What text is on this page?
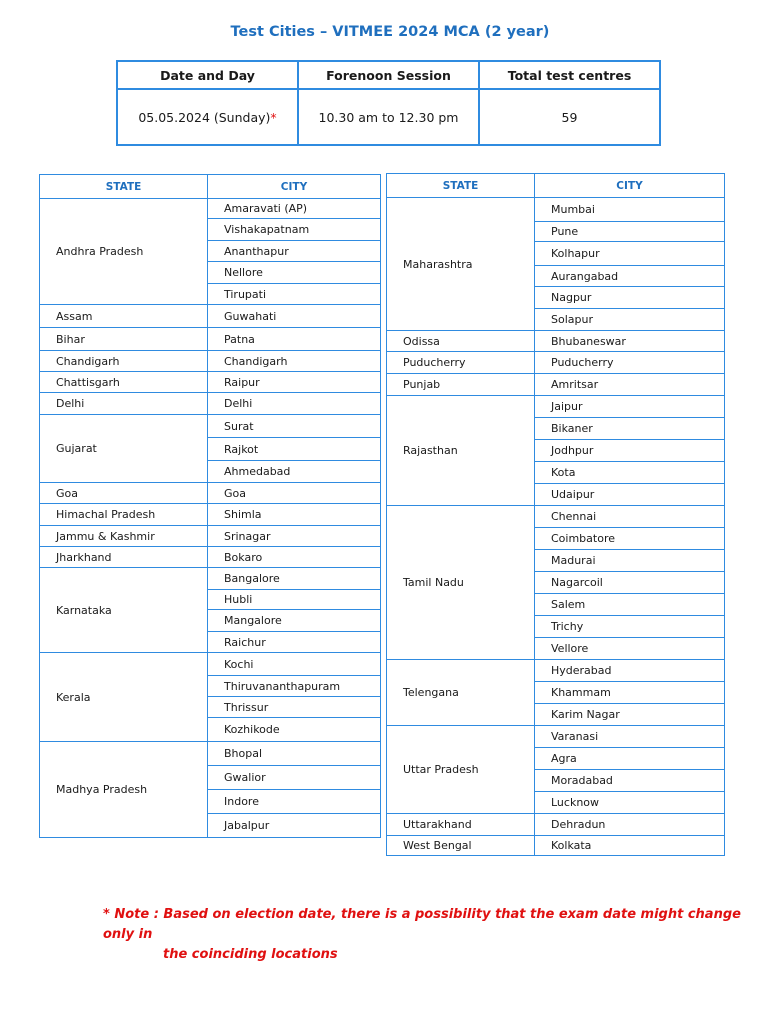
Test Cities – VITMEE 2024 MCA (2 year)
Date and Day	Forenoon Session	Total test centres
05.05.2024 (Sunday)*	10.30 am to 12.30 pm	59
STATE	CITY
Andhra Pradesh	Amaravati (AP)
	Vishakapatnam
	Ananthapur
	Nellore
	Tirupati
Assam	Guwahati
Bihar	Patna
Chandigarh	Chandigarh
Chattisgarh	Raipur
Delhi	Delhi
Gujarat	Surat
	Rajkot
	Ahmedabad
Goa	Goa
Himachal Pradesh	Shimla
Jammu & Kashmir	Srinagar
Jharkhand	Bokaro
Karnataka	Bangalore
	Hubli
	Mangalore
	Raichur
Kerala	Kochi
	Thiruvananthapuram
	Thrissur
	Kozhikode
Madhya Pradesh	Bhopal
	Gwalior
	Indore
	Jabalpur
STATE	CITY
Maharashtra	Mumbai
	Pune
	Kolhapur
	Aurangabad
	Nagpur
	Solapur
Odissa	Bhubaneswar
Puducherry	Puducherry
Punjab	Amritsar
Rajasthan	Jaipur
	Bikaner
	Jodhpur
	Kota
	Udaipur
Tamil Nadu	Chennai
	Coimbatore
	Madurai
	Nagarcoil
	Salem
	Trichy
	Vellore
Telengana	Hyderabad
	Khammam
	Karim Nagar
Uttar Pradesh	Varanasi
	Agra
	Moradabad
	Lucknow
Uttarakhand	Dehradun
West Bengal	Kolkata
* Note : Based on election date, there is a possibility that the exam date might change only in
the coinciding locations
